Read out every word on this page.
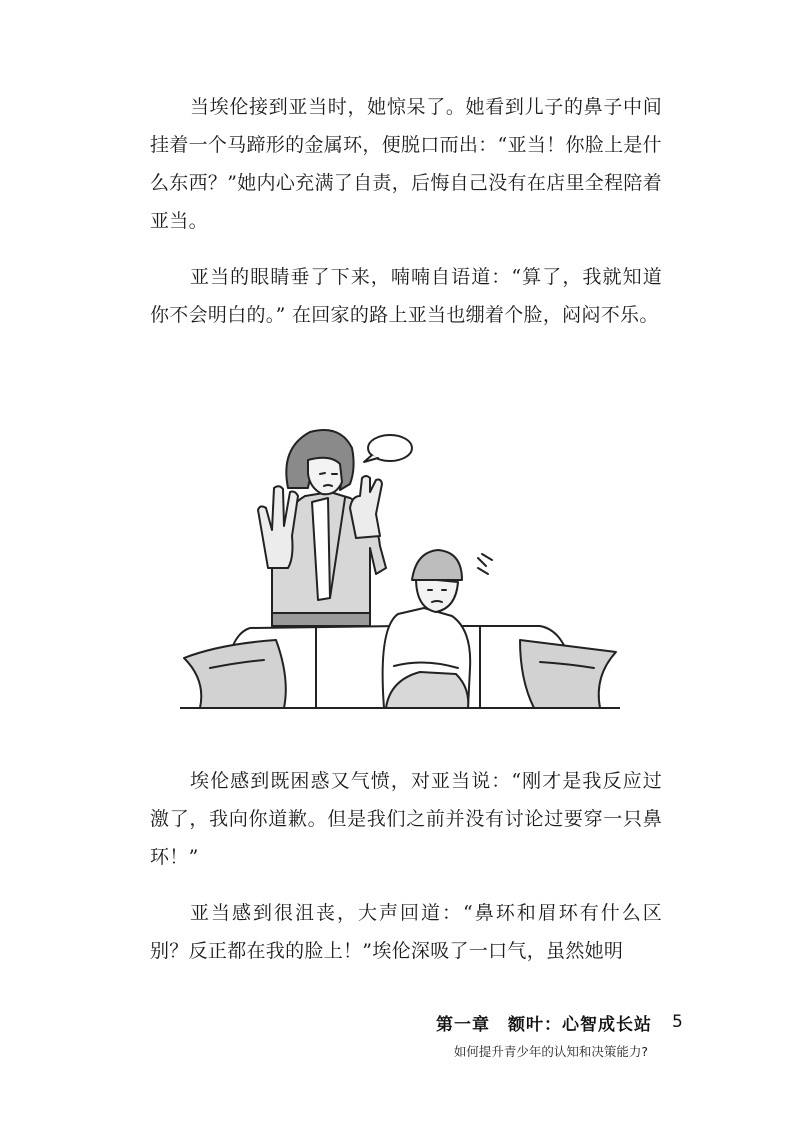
当埃伦接到亚当时，她惊呆了。她看到儿子的鼻子中间挂着一个马蹄形的金属环，便脱口而出：“亚当！你脸上是什么东西？”她内心充满了自责，后悔自己没有在店里全程陪着亚当。

亚当的眼睛垂了下来，喃喃自语道：“算了，我就知道你不会明白的。” 在回家的路上亚当也绷着个脸，闷闷不乐。

埃伦感到既困惑又气愤，对亚当说：“刚才是我反应过激了，我向你道歉。但是我们之前并没有讨论过要穿一只鼻环！”

亚当感到很沮丧，大声回道：“鼻环和眉环有什么区别？反正都在我的脸上！”埃伦深吸了一口气，虽然她明

第一章　额叶：心智成长站
如何提升青少年的认知和决策能力?
5
